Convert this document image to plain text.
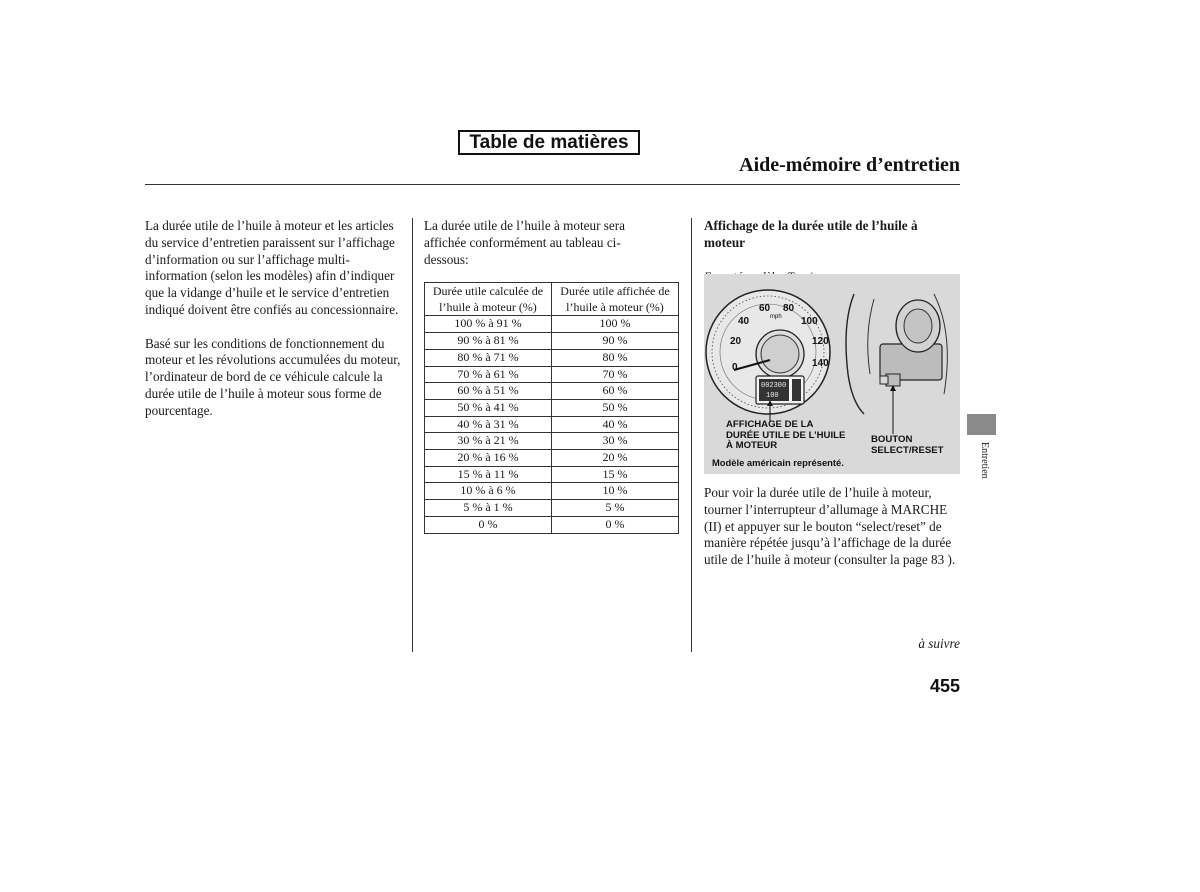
Table de matières
Aide-mémoire d’entretien

La durée utile de l’huile à moteur et les articles du service d’entretien paraissent sur l’affichage d’information ou sur l’affichage multi-information (selon les modèles) afin d’indiquer que la vidange d’huile et le service d’entretien indiqué doivent être confiés au concessionnaire.

Basé sur les conditions de fonctionnement du moteur et les révolutions accumulées du moteur, l’ordinateur de bord de ce véhicule calcule la durée utile de l’huile à moteur sous forme de pourcentage.

La durée utile de l’huile à moteur sera affichée conformément au tableau ci-dessous:

Durée utile calculée de l’huile à moteur (%)	Durée utile affichée de l’huile à moteur (%)

100 % à 91 %	100 %
90 % à 81 %	90 %
80 % à 71 %	80 %
70 % à 61 %	70 %
60 % à 51 %	60 %
50 % à 41 %	50 %
40 % à 31 %	40 %
30 % à 21 %	30 %
20 % à 16 %	20 %
15 % à 11 %	15 %
10 % à 6 %	10 %
5 % à 1 %	5 %
0 %	0 %

Affichage de la durée utile de l’huile à moteur

60 80
40	100
20	120
0	140
mph
002300
100
AFFICHAGE DE LA DURÉE UTILE DE L’HUILE À MOTEUR
BOUTON SELECT/RESET
Modèle américain représenté.

Pour voir la durée utile de l’huile à moteur, tourner l’interrupteur d’allumage à MARCHE (II) et appuyer sur le bouton “select/reset” de manière répétée jusqu’à l’affichage de la durée utile de l’huile à moteur (consulter la page 83 ).

Entretien
à suivre
455
